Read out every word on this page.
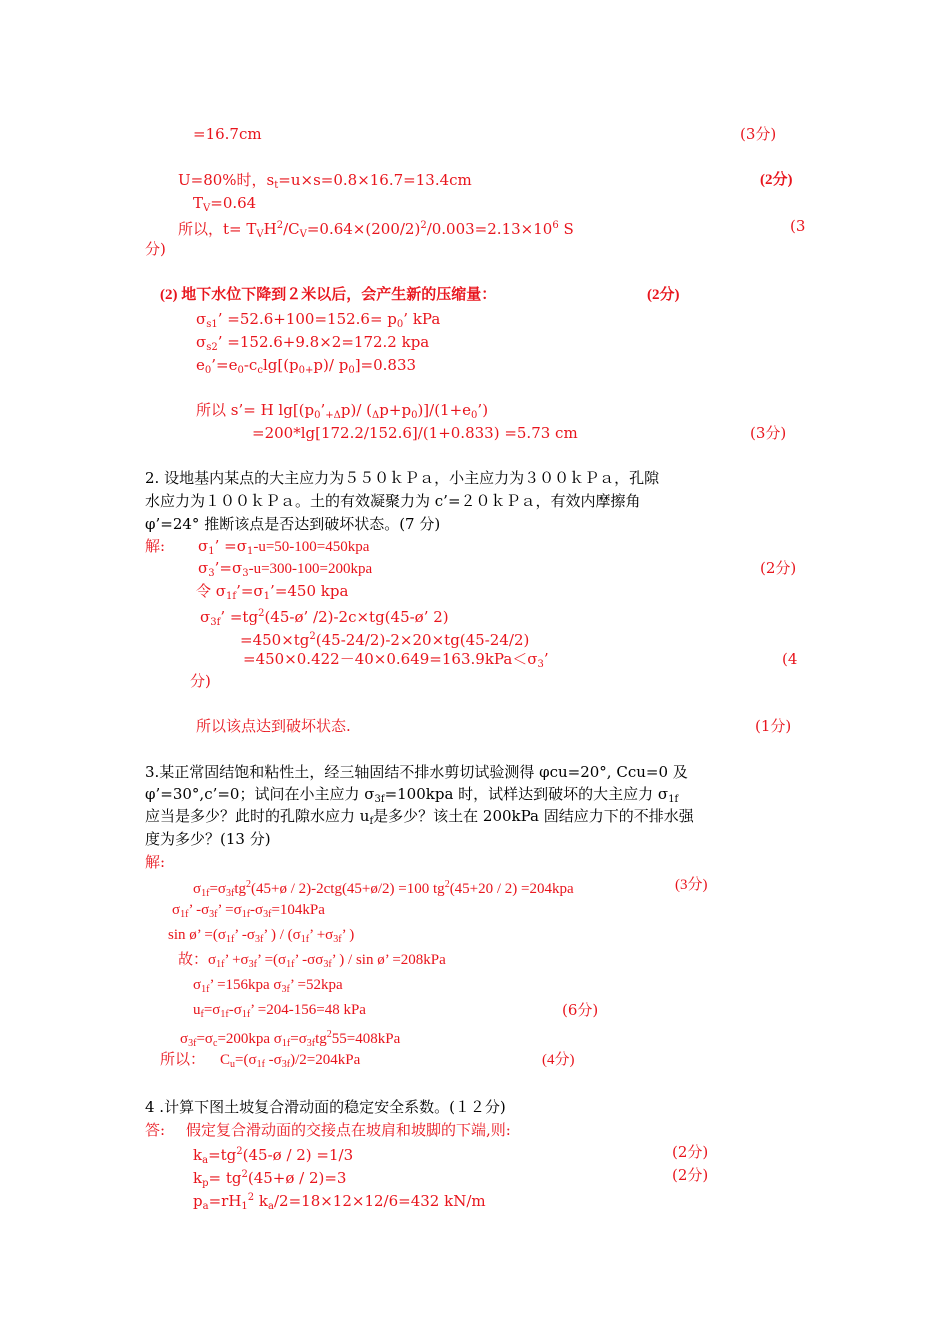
=16.7cm	(3分)
U=80%时，$s_t=u\times s=0.8\times 16.7=13.4cm$	(2分)
$T_V=0.64$
所以，$t= T_VH^2/C_V=0.64\times(200/2)^2/0.003=2.13\times 10^6$ S	(3
分)
(2) 地下水位下降到２米以后，会产生新的压缩量：	(2分)
$\sigma_{s1}$’ $=52.6+100=152.6= p_0$’ kPa
$\sigma_{s2}$’ =152.6+9.8×2=172.2 kpa
$e_0’=e_0-c_c\lg[(p_{0+}p)/$ $p_0]=0.833$
所以 s’= H $\lg[(p_0’_{+\Delta}p)/$ $(_\Delta p+p_0)]/(1+e_0’)$
=200*lg[172.2/152.6]/(1+0.833) =5.73 cm	(3分)
2. 设地基内某点的大主应力为５５０ｋＰａ，小主应力为３００ｋＰａ，孔隙
水应力为１００ｋＰａ。土的有效凝聚力为 c’=２０ｋＰａ，有效内摩擦角
φ’=24° 推断该点是否达到破坏状态。(7 分)
解: $\sigma_1$’ $=\sigma_1-u=50-100=450kpa$
$\sigma_3’=\sigma_3-u=300-100=200kpa$	(2分)
令 $\sigma_{1f}’=\sigma_1’=450$ kpa
$\sigma_{3f}$’ $=tg^2(45-ø$’ /2)-2c×tg(45-ø’ 2)
$=450\times tg^2(45-24/2)-2\times 20\times tg(45-24/2)$
$=450\times 0.422-40\times 0.649=163.9kPa<\sigma_3$’	(4
分)
所以该点达到破坏状态.	(1分)
3.某正常固结饱和粘性土，经三轴固结不排水剪切试验测得 φcu=20°, Ccu=0 及
φ’=30°,c’=0；试问在小主应力 $\sigma_{3f}=100kpa$ 时，试样达到破坏的大主应力 $\sigma_{1f}$
应当是多少？此时的孔隙水应力 $u_f$是多少？该土在 200kPa 固结应力下的不排水强
度为多少？(13 分)
解:
$\sigma_{1f}=\sigma_{3f}tg^2(45+ø$ / 2)-2ctg(45+ø/2) =100 $tg^2(45+20 / 2) =204kpa$	(3分)
$\sigma_{1f}$’ $-\sigma_{3f}$’ $=\sigma_{1f}-\sigma_{3f}=104kPa$
sin ø’ $=(\sigma_{1f}$’ $-\sigma_{3f}$’ ) / ($\sigma_{1f}$’ $+\sigma_{3f}$’ )
故：$\sigma_{1f}$’ $+\sigma_{3f}$’ $=(\sigma_{1f}$’ $-\sigma\sigma_{3f}$’ ) / sin ø’ =208kPa
$\sigma_{1f}$’ =156kpa $\sigma_{3f}$’ =52kpa
$u_f=\sigma_{1f}-\sigma_{1f}$’ =204-156=48 kPa	(6分)
$\sigma_{3f}=\sigma_c=200kpa$ $\sigma_{1f}=\sigma_{3f}tg^255=408kPa$
所以： $C_u=(\sigma_{1f}$ $-\sigma_{3f})/2=204kPa$	(4分)
4 .计算下图土坡复合滑动面的稳定安全系数。(１２分)
答: 假定复合滑动面的交接点在坡肩和坡脚的下端,则:
$k_a=tg^2(45-ø / 2) =1/3$	(2分)
$k_p=$ $tg^2(45+ø / 2)=3$	(2分)
$p_a=rH_1^2$ $k_a/2=18\times 12\times 12/6=432$ kN/m
